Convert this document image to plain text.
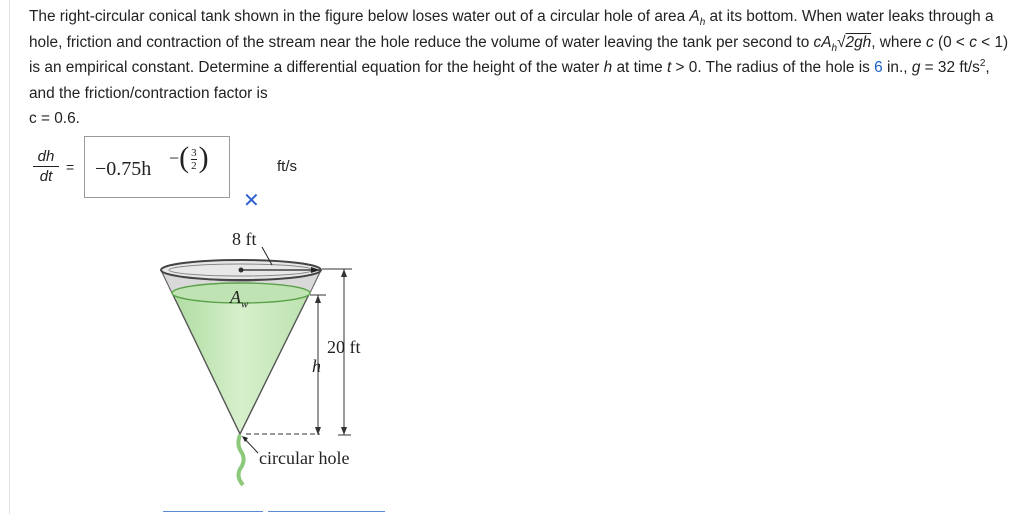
The right-circular conical tank shown in the figure below loses water out of a circular hole of area $A_h$ at its bottom. When water leaks through a hole, friction and contraction of the stream near the hole reduce the volume of water leaving the tank per second to $cA_h√2gh$, where c (0 < c < 1) is an empirical constant. Determine a differential equation for the height of the water h at time t > 0. The radius of the hole is 6 in., g = 32 $ft/s^2$, and the friction/contraction factor is
c = 0.6.
dh
dt
= −0.75h −( $\frac{3}{2}$)	ft/s
✕
8 ft
$A_w$
20 ft
h
circular hole
